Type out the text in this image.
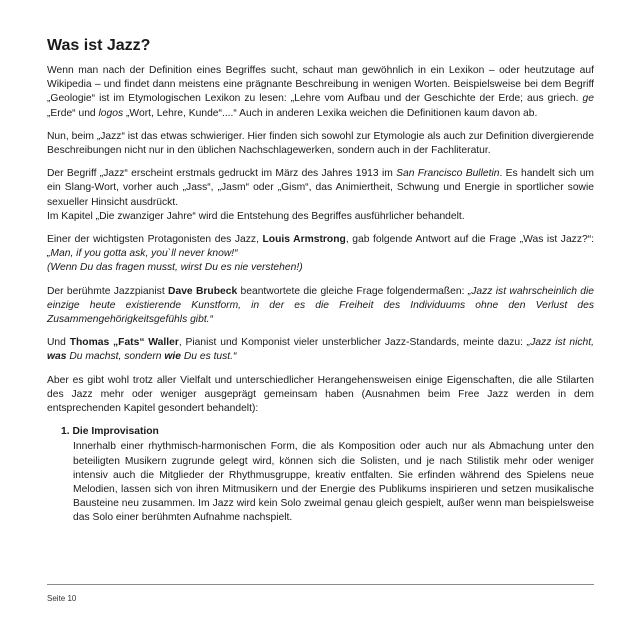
Was ist Jazz?

Wenn man nach der Definition eines Begriffes sucht, schaut man gewöhnlich in ein Lexikon – oder heutzutage auf Wikipedia – und findet dann meistens eine prägnante Beschreibung in wenigen Worten. Beispielsweise bei dem Begriff „Geologie“ ist im Etymologischen Lexikon zu lesen: „Lehre vom Aufbau und der Geschichte der Erde; aus griech. ge „Erde“ und logos „Wort, Lehre, Kunde“....“ Auch in anderen Lexika weichen die Definitionen kaum davon ab.

Nun, beim „Jazz“ ist das etwas schwieriger. Hier finden sich sowohl zur Etymologie als auch zur Definition divergierende Beschreibungen nicht nur in den üblichen Nachschlagewerken, sondern auch in der Fachliteratur.

Der Begriff „Jazz“ erscheint erstmals gedruckt im März des Jahres 1913 im San Francisco Bulletin. Es handelt sich um ein Slang-Wort, vorher auch „Jass“, „Jasm“ oder „Gism“, das Animiertheit, Schwung und Energie in sportlicher sowie sexueller Hinsicht ausdrückt.
Im Kapitel „Die zwanziger Jahre“ wird die Entstehung des Begriffes ausführlicher behandelt.

Einer der wichtigsten Protagonisten des Jazz, Louis Armstrong, gab folgende Antwort auf die Frage „Was ist Jazz?“: „Man, if you gotta ask, you`ll never know!“
(Wenn Du das fragen musst, wirst Du es nie verstehen!)

Der berühmte Jazzpianist Dave Brubeck beantwortete die gleiche Frage folgendermaßen: „Jazz ist wahrscheinlich die einzige heute existierende Kunstform, in der es die Freiheit des Individuums ohne den Verlust des Zusammengehörigkeitsgefühls gibt.“

Und Thomas „Fats“ Waller, Pianist und Komponist vieler unsterblicher Jazz-Standards, meinte dazu: „Jazz ist nicht, was Du machst, sondern wie Du es tust.“

Aber es gibt wohl trotz aller Vielfalt und unterschiedlicher Herangehensweisen einige Eigenschaften, die alle Stilarten des Jazz mehr oder weniger ausgeprägt gemeinsam haben (Ausnahmen beim Free Jazz werden in dem entsprechenden Kapitel gesondert behandelt):

1. Die Improvisation

Innerhalb einer rhythmisch-harmonischen Form, die als Komposition oder auch nur als Abmachung unter den beteiligten Musikern zugrunde gelegt wird, können sich die Solisten, und je nach Stilistik mehr oder weniger intensiv auch die Mitglieder der Rhythmusgruppe, kreativ entfalten. Sie erfinden während des Spielens neue Melodien, lassen sich von ihren Mitmusikern und der Energie des Publikums inspirieren und setzen musikalische Bausteine neu zusammen. Im Jazz wird kein Solo zweimal genau gleich gespielt, außer wenn man beispielsweise das Solo einer berühmten Aufnahme nachspielt.

Seite 10
